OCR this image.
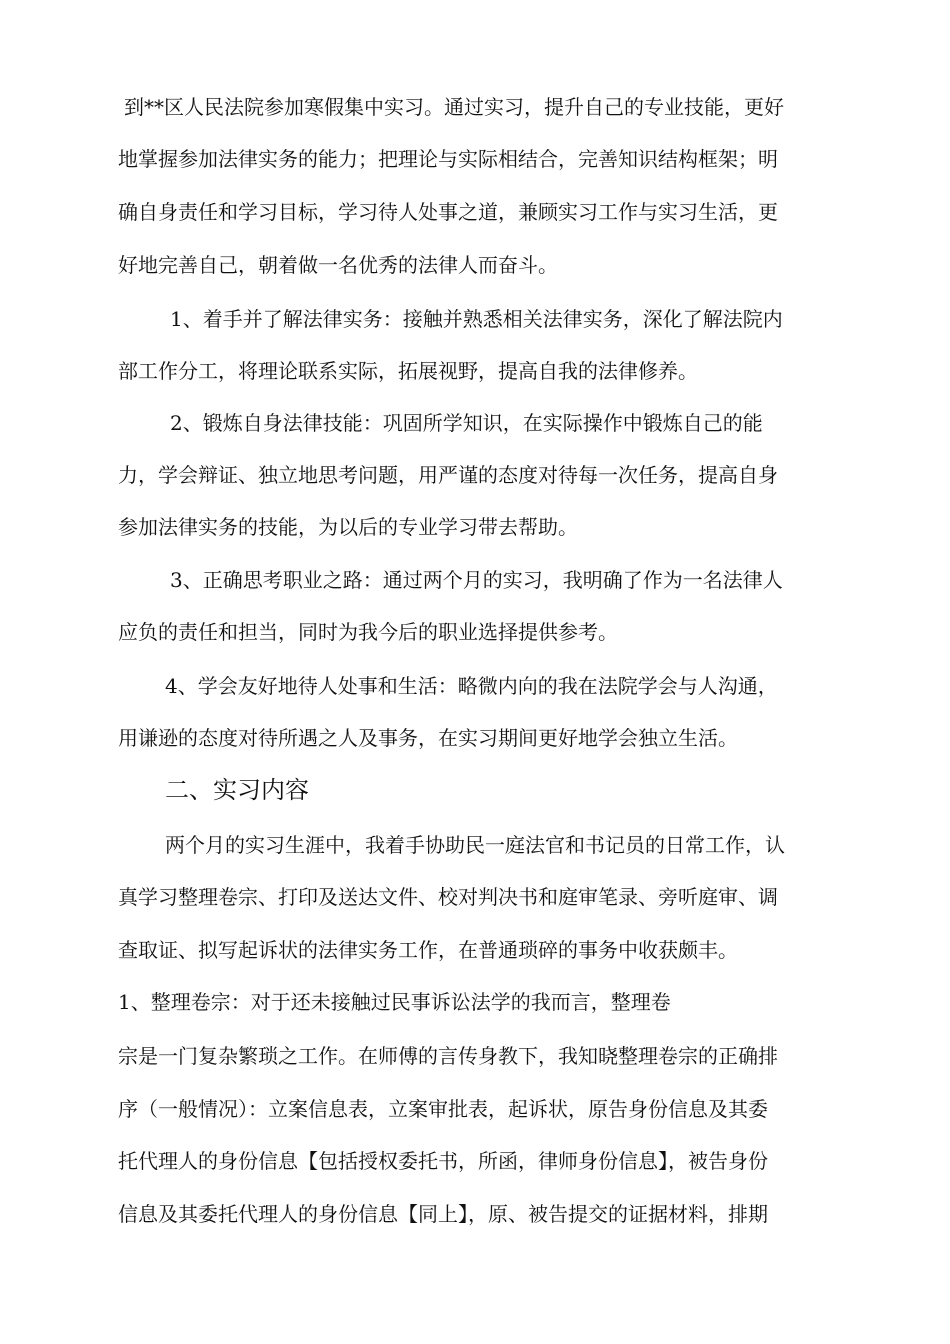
到**区人民法院参加寒假集中实习。通过实习，提升自己的专业技能，更好
地掌握参加法律实务的能力；把理论与实际相结合，完善知识结构框架；明
确自身责任和学习目标，学习待人处事之道，兼顾实习工作与实习生活，更
好地完善自己，朝着做一名优秀的法律人而奋斗。
1、着手并了解法律实务：接触并熟悉相关法律实务，深化了解法院内
部工作分工，将理论联系实际，拓展视野，提高自我的法律修养。
2、锻炼自身法律技能：巩固所学知识，在实际操作中锻炼自己的能
力，学会辩证、独立地思考问题，用严谨的态度对待每一次任务，提高自身
参加法律实务的技能，为以后的专业学习带去帮助。
3、正确思考职业之路：通过两个月的实习，我明确了作为一名法律人
应负的责任和担当，同时为我今后的职业选择提供参考。
4、学会友好地待人处事和生活：略微内向的我在法院学会与人沟通，
用谦逊的态度对待所遇之人及事务，在实习期间更好地学会独立生活。
二、实习内容
两个月的实习生涯中，我着手协助民一庭法官和书记员的日常工作，认
真学习整理卷宗、打印及送达文件、校对判决书和庭审笔录、旁听庭审、调
查取证、拟写起诉状的法律实务工作，在普通琐碎的事务中收获颇丰。
1、整理卷宗：对于还未接触过民事诉讼法学的我而言，整理卷
宗是一门复杂繁琐之工作。在师傅的言传身教下，我知晓整理卷宗的正确排
序（一般情况）：立案信息表，立案审批表，起诉状，原告身份信息及其委
托代理人的身份信息【包括授权委托书，所函，律师身份信息】，被告身份
信息及其委托代理人的身份信息【同上】，原、被告提交的证据材料，排期
